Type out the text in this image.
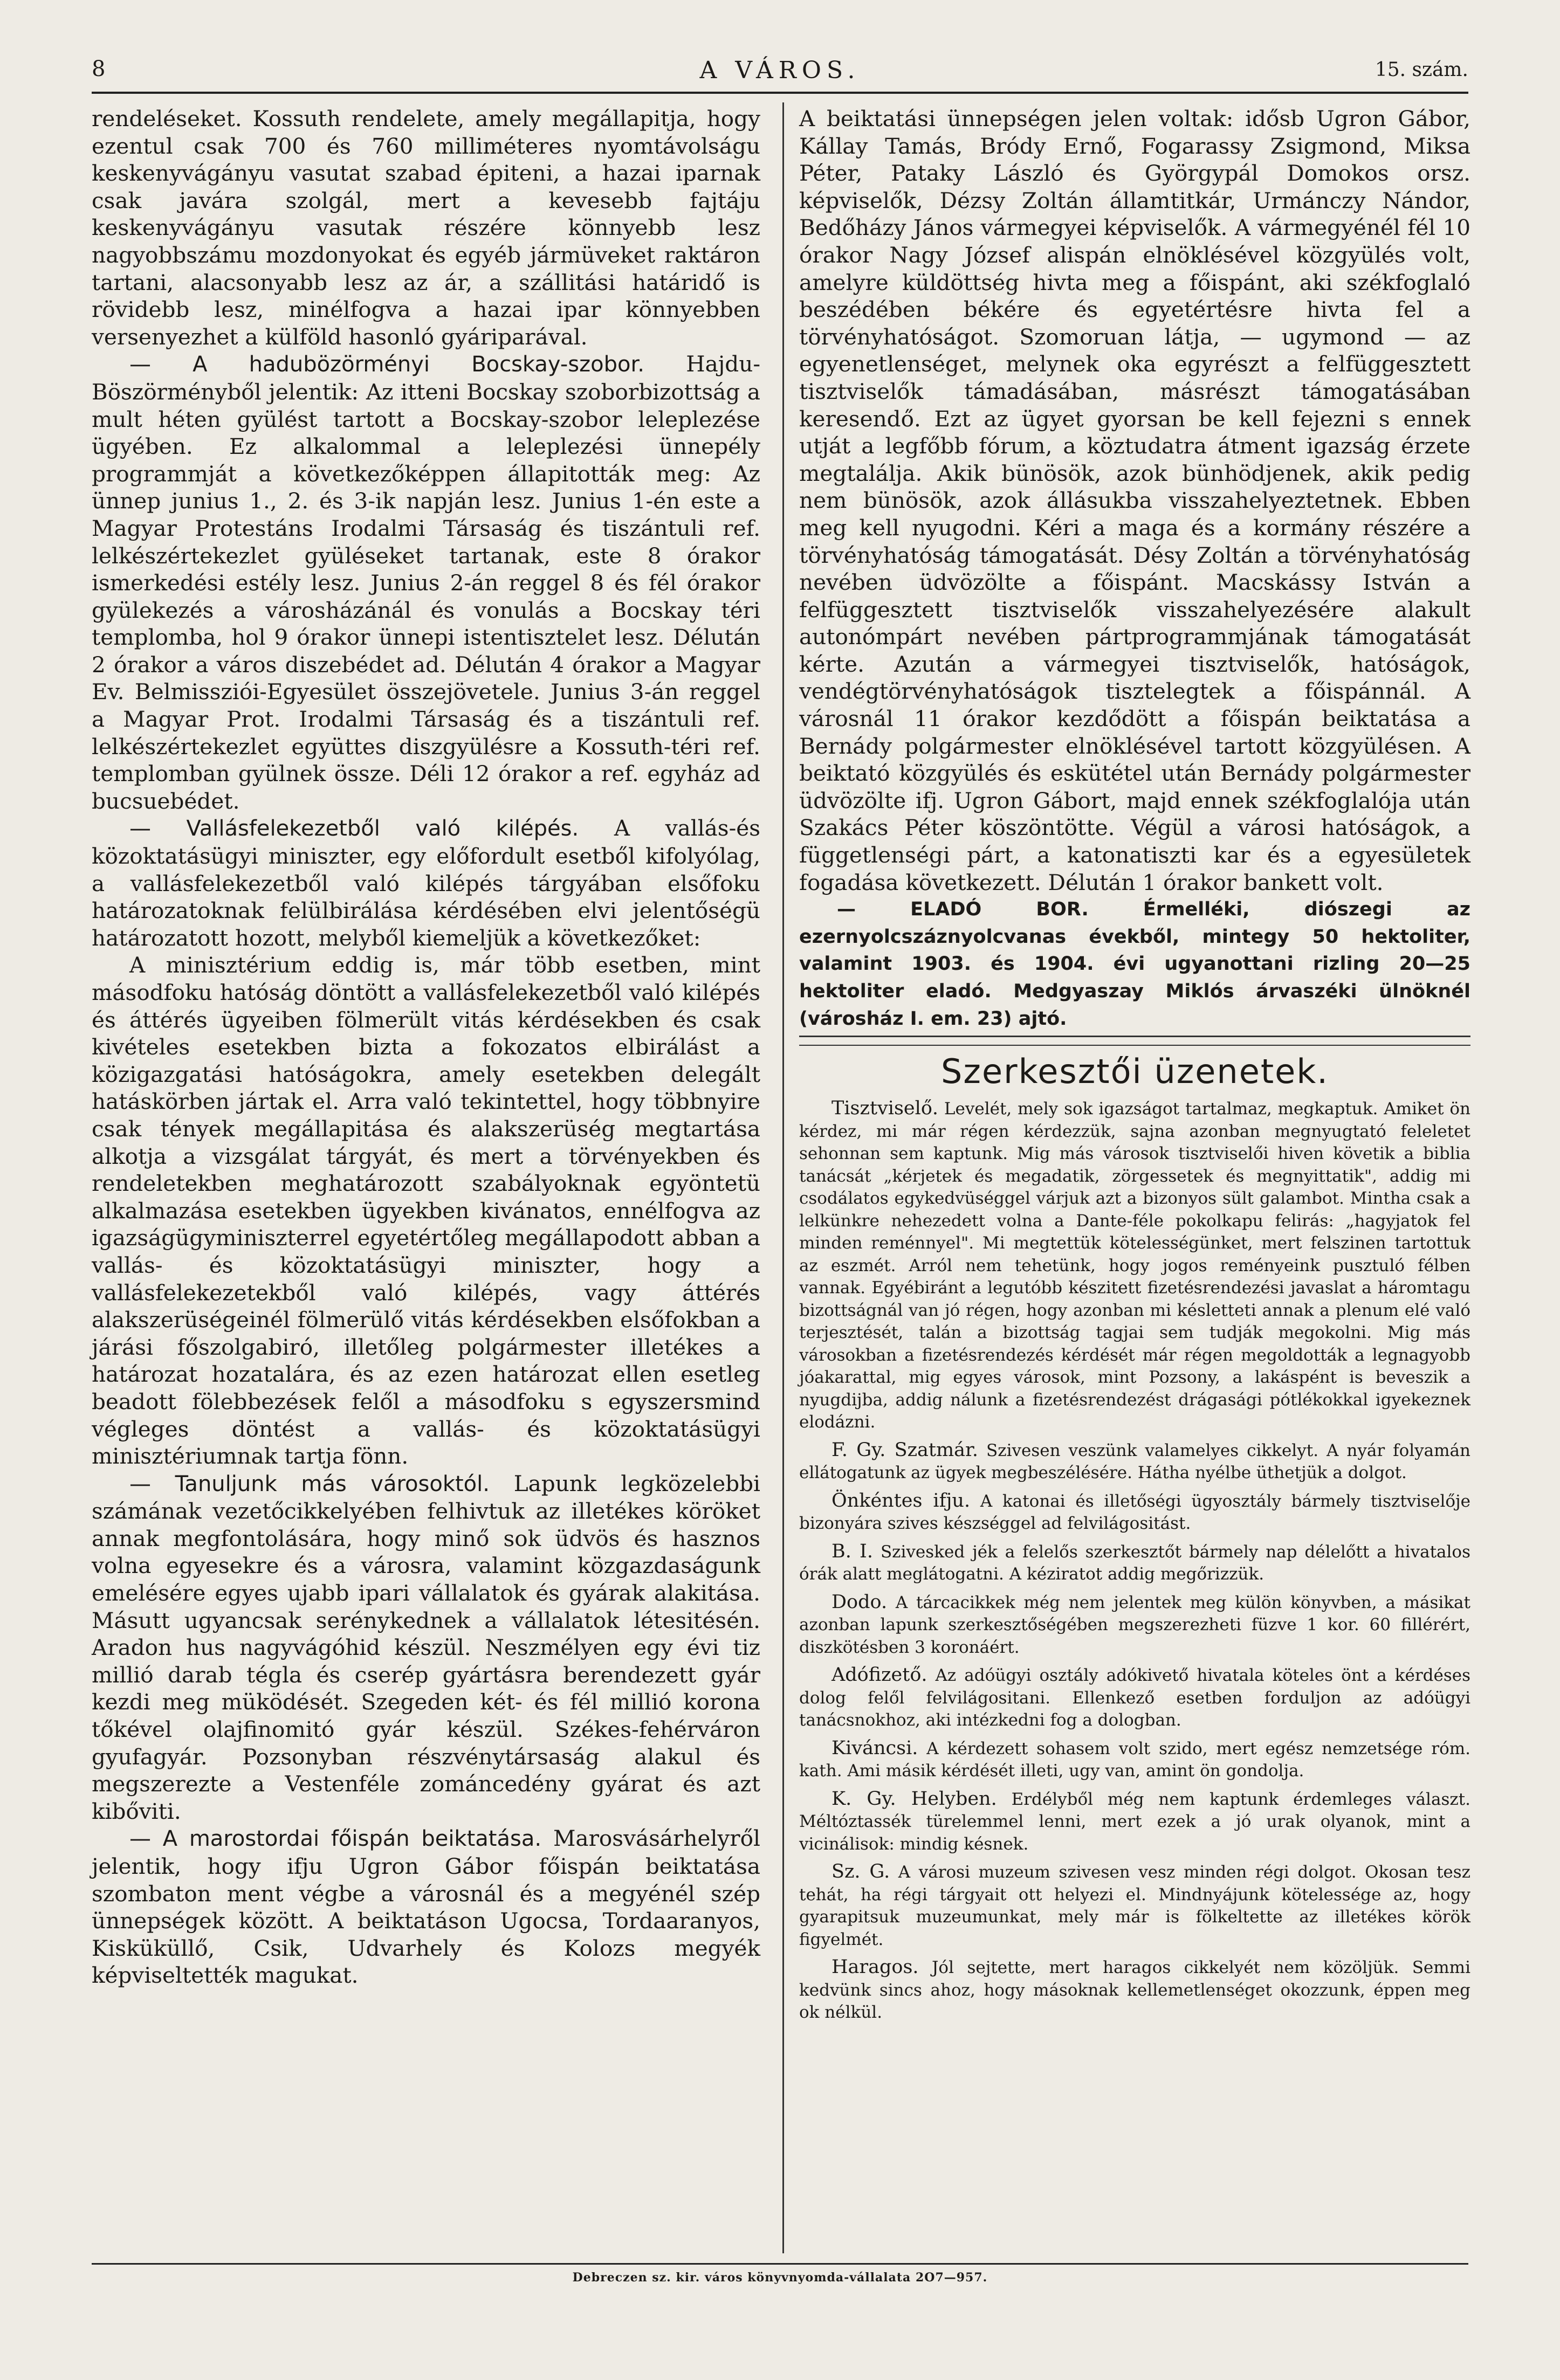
8	A VÁROS.	15. szám.

rendeléseket. Kossuth rendelete, amely megállapitja, hogy ezentul csak 700 és 760 milliméteres nyomtávolságu keskenyvágányu vasutat szabad épiteni, a hazai iparnak csak javára szolgál, mert a kevesebb fajtáju keskenyvágányu vasutak részére könnyebb lesz nagyobbszámu mozdonyokat és egyéb jármüveket raktáron tartani, alacsonyabb lesz az ár, a szállitási határidő is rövidebb lesz, minélfogva a hazai ipar könnyebben versenyezhet a külföld hasonló gyáriparával.

— A hadubözörményi Bocskay-szobor. Hajdu-Böszörményből jelentik: Az itteni Bocskay szoborbizottság a mult héten gyülést tartott a Bocskay-szobor leleplezése ügyében. Ez alkalommal a leleplezési ünnepély programmját a következőképpen állapitották meg: Az ünnep junius 1., 2. és 3-ik napján lesz. Junius 1-én este a Magyar Protestáns Irodalmi Társaság és tiszántuli ref. lelkészértekezlet gyüléseket tartanak, este 8 órakor ismerkedési estély lesz. Junius 2-án reggel 8 és fél órakor gyülekezés a városházánál és vonulás a Bocskay téri templomba, hol 9 órakor ünnepi istentisztelet lesz. Délután 2 órakor a város diszebédet ad. Délután 4 órakor a Magyar Ev. Belmissziói-Egyesület összejövetele. Junius 3-án reggel a Magyar Prot. Irodalmi Társaság és a tiszántuli ref. lelkészértekezlet együttes diszgyülésre a Kossuth-téri ref. templomban gyülnek össze. Déli 12 órakor a ref. egyház ad bucsuebédet.

— Vallásfelekezetből való kilépés. A vallás-és közoktatásügyi miniszter, egy előfordult esetből kifolyólag, a vallásfelekezetből való kilépés tárgyában elsőfoku határozatoknak felülbirálása kérdésében elvi jelentőségü határozatott hozott, melyből kiemeljük a következőket:

A minisztérium eddig is, már több esetben, mint másodfoku hatóság döntött a vallásfelekezetből való kilépés és áttérés ügyeiben fölmerült vitás kérdésekben és csak kivételes esetekben bizta a fokozatos elbirálást a közigazgatási hatóságokra, amely esetekben delegált hatáskörben jártak el. Arra való tekintettel, hogy többnyire csak tények megállapitása és alakszerüség megtartása alkotja a vizsgálat tárgyát, és mert a törvényekben és rendeletekben meghatározott szabályoknak egyöntetü alkalmazása esetekben ügyekben kivánatos, ennélfogva az igazságügyminiszterrel egyetértőleg megállapodott abban a vallás- és közoktatásügyi miniszter, hogy a vallásfelekezetekből való kilépés, vagy áttérés alakszerüségeinél fölmerülő vitás kérdésekben elsőfokban a járási főszolgabiró, illetőleg polgármester illetékes a határozat hozatalára, és az ezen határozat ellen esetleg beadott fölebbezések felől a másodfoku s egyszersmind végleges döntést a vallás- és közoktatásügyi minisztériumnak tartja fönn.

— Tanuljunk más városoktól. Lapunk legközelebbi számának vezetőcikkelyében felhivtuk az illetékes köröket annak megfontolására, hogy minő sok üdvös és hasznos volna egyesekre és a városra, valamint közgazdaságunk emelésére egyes ujabb ipari vállalatok és gyárak alakitása. Másutt ugyancsak serénykednek a vállalatok létesitésén. Aradon hus nagyvágóhid készül. Neszmélyen egy évi tiz millió darab tégla és cserép gyártásra berendezett gyár kezdi meg müködését. Szegeden két- és fél millió korona tőkével olajfinomitó gyár készül. Székes-fehérváron gyufagyár. Pozsonyban részvénytársaság alakul és megszerezte a Vestenféle zománcedény gyárat és azt kibőviti.

— A marostordai főispán beiktatása. Marosvásárhelyről jelentik, hogy ifju Ugron Gábor főispán beiktatása szombaton ment végbe a városnál és a megyénél szép ünnepségek között. A beiktatáson Ugocsa, Tordaaranyos, Kisküküllő, Csik, Udvarhely és Kolozs megyék képviseltették magukat.

A beiktatási ünnepségen jelen voltak: idősb Ugron Gábor, Kállay Tamás, Bródy Ernő, Fogarassy Zsigmond, Miksa Péter, Pataky László és Györgypál Domokos orsz. képviselők, Dézsy Zoltán államtitkár, Urmánczy Nándor, Bedőházy János vármegyei képviselők. A vármegyénél fél 10 órakor Nagy József alispán elnöklésével közgyülés volt, amelyre küldöttség hivta meg a főispánt, aki székfoglaló beszédében békére és egyetértésre hivta fel a törvényhatóságot. Szomoruan látja, — ugymond — az egyenetlenséget, melynek oka egyrészt a felfüggesztett tisztviselők támadásában, másrészt támogatásában keresendő. Ezt az ügyet gyorsan be kell fejezni s ennek utját a legfőbb fórum, a köztudatra átment igazság érzete megtalálja. Akik bünösök, azok bünhödjenek, akik pedig nem bünösök, azok állásukba visszahelyeztetnek. Ebben meg kell nyugodni. Kéri a maga és a kormány részére a törvényhatóság támogatását. Désy Zoltán a törvényhatóság nevében üdvözölte a főispánt. Macskássy István a felfüggesztett tisztviselők visszahelyezésére alakult autonómpárt nevében pártprogrammjának támogatását kérte. Azután a vármegyei tisztviselők, hatóságok, vendégtörvényhatóságok tisztelegtek a főispánnál. A városnál 11 órakor kezdődött a főispán beiktatása a Bernády polgármester elnöklésével tartott közgyülésen. A beiktató közgyülés és eskütétel után Bernády polgármester üdvözölte ifj. Ugron Gábort, majd ennek székfoglalója után Szakács Péter köszöntötte. Végül a városi hatóságok, a függetlenségi párt, a katonatiszti kar és a egyesületek fogadása következett. Délután 1 órakor bankett volt.

— ELADÓ BOR. Érmelléki, diószegi az ezernyolcszáznyolcvanas évekből, mintegy 50 hektoliter, valamint 1903. és 1904. évi ugyanottani rizling 20—25 hektoliter eladó. Medgyaszay Miklós árvaszéki ülnöknél (városház I. em. 23) ajtó.

Szerkesztői üzenetek.

Tisztviselő. Levelét, mely sok igazságot tartalmaz, megkaptuk. Amiket ön kérdez, mi már régen kérdezzük, sajna azonban megnyugtató feleletet sehonnan sem kaptunk. Mig más városok tisztviselői hiven követik a biblia tanácsát „kérjetek és megadatik, zörgessetek és megnyittatik", addig mi csodálatos egykedvüséggel várjuk azt a bizonyos sült galambot. Mintha csak a lelkünkre nehezedett volna a Dante-féle pokolkapu felirás: „hagyjatok fel minden reménnyel". Mi megtettük kötelességünket, mert felszinen tartottuk az eszmét. Arról nem tehetünk, hogy jogos reményeink pusztuló félben vannak. Egyébiránt a legutóbb készitett fizetésrendezési javaslat a háromtagu bizottságnál van jó régen, hogy azonban mi késletteti annak a plenum elé való terjesztését, talán a bizottság tagjai sem tudják megokolni. Mig más városokban a fizetésrendezés kérdését már régen megoldották a legnagyobb jóakarattal, mig egyes városok, mint Pozsony, a lakáspént is beveszik a nyugdijba, addig nálunk a fizetésrendezést drágasági pótlékokkal igyekeznek elodázni.

F. Gy. Szatmár. Szivesen veszünk valamelyes cikkelyt. A nyár folyamán ellátogatunk az ügyek megbeszélésére. Hátha nyélbe üthetjük a dolgot.

Önkéntes ifju. A katonai és illetőségi ügyosztály bármely tisztviselője bizonyára szives készséggel ad felvilágositást.

B. I. Szivesked jék a felelős szerkesztőt bármely nap délelőtt a hivatalos órák alatt meglátogatni. A kéziratot addig megőrizzük.

Dodo. A tárcacikkek még nem jelentek meg külön könyvben, a másikat azonban lapunk szerkesztőségében megszerezheti füzve 1 kor. 60 fillérért, diszkötésben 3 koronáért.

Adófizető. Az adóügyi osztály adókivető hivatala köteles önt a kérdéses dolog felől felvilágositani. Ellenkező esetben forduljon az adóügyi tanácsnokhoz, aki intézkedni fog a dologban.

Kiváncsi. A kérdezett sohasem volt szido, mert egész nemzetsége róm. kath. Ami másik kérdését illeti, ugy van, amint ön gondolja.

K. Gy. Helyben. Erdélyből még nem kaptunk érdemleges választ. Méltóztassék türelemmel lenni, mert ezek a jó urak olyanok, mint a vicinálisok: mindig késnek.

Sz. G. A városi muzeum szivesen vesz minden régi dolgot. Okosan tesz tehát, ha régi tárgyait ott helyezi el. Mindnyájunk kötelessége az, hogy gyarapitsuk muzeumunkat, mely már is fölkeltette az illetékes körök figyelmét.

Haragos. Jól sejtette, mert haragos cikkelyét nem közöljük. Semmi kedvünk sincs ahoz, hogy másoknak kellemetlenséget okozzunk, éppen meg ok nélkül.

Debreczen sz. kir. város könyvnyomda-vállalata 2O7—957.
